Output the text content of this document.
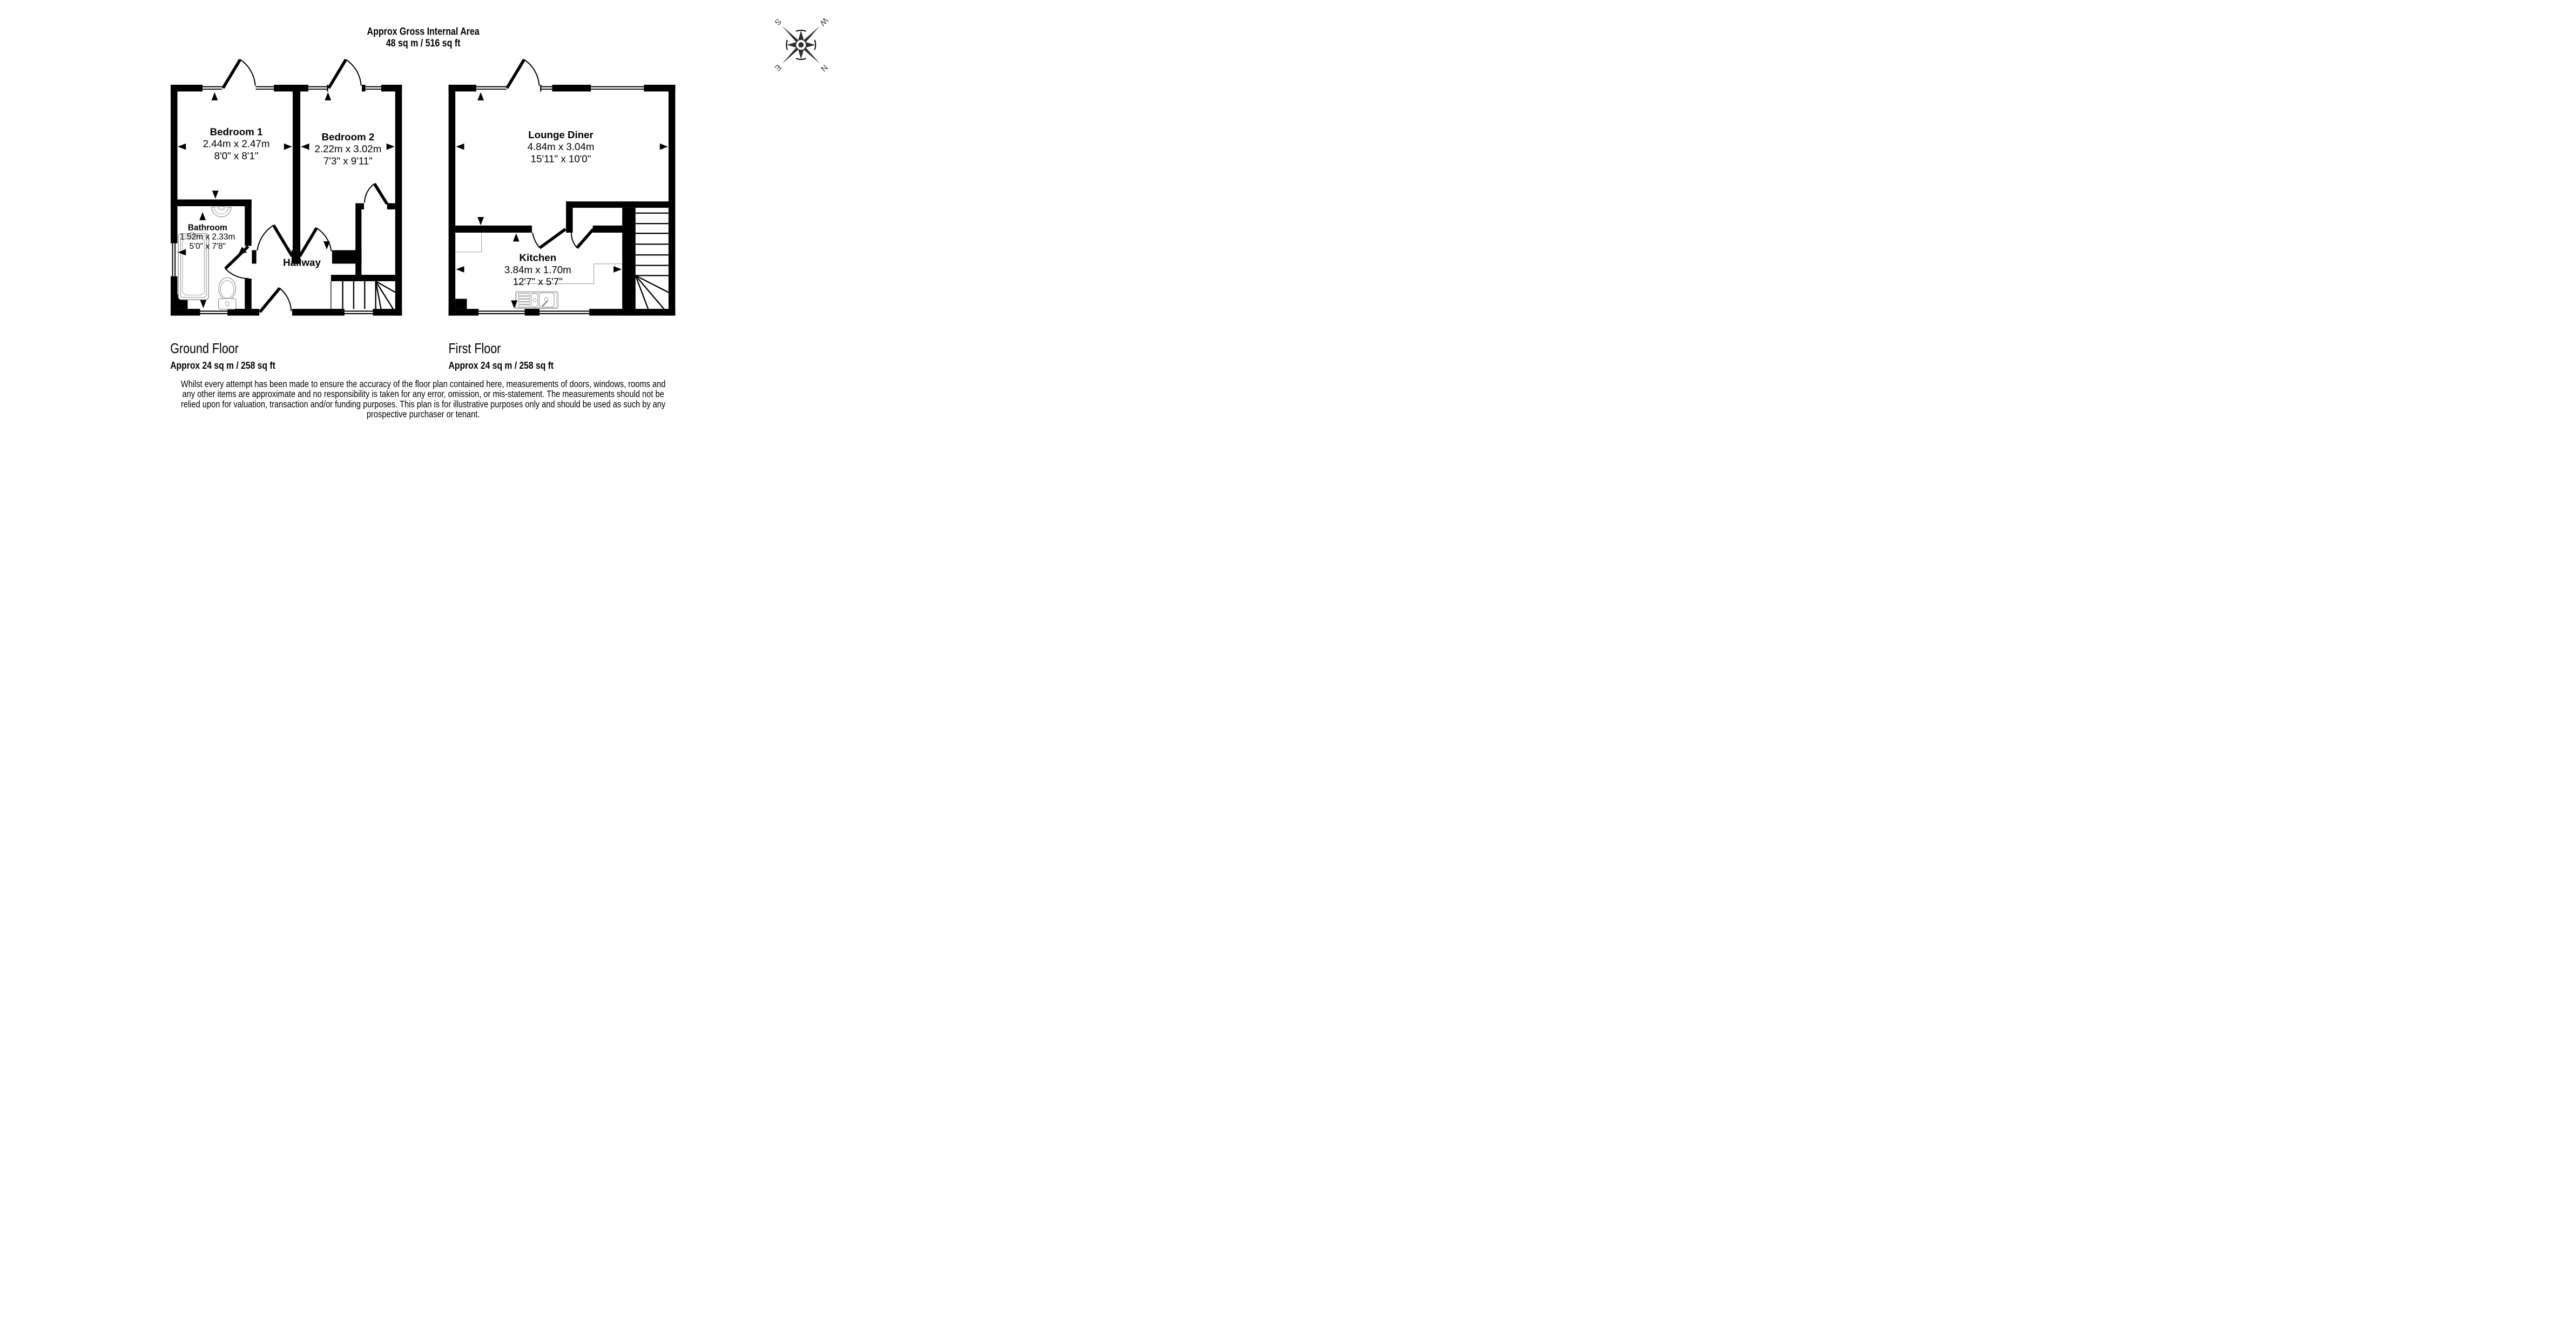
Bedroom 1
2.44m x 2.47m
8'0" x 8'1"
Bedroom 2
2.22m x 3.02m
7'3" x 9'11"
Bathroom
1.52m x 2.33m
5'0" x 7'8"
Hallway
Lounge Diner
4.84m x 3.04m
15'11" x 10'0"
Kitchen
3.84m x 1.70m
12'7" x 5'7"
N
E
S W
Approx Gross Internal Area
48 sq m / 516 sq ft
Ground Floor
Approx 24 sq m / 258 sq ft
First Floor
Approx 24 sq m / 258 sq ft
Whilst every attempt has been made to ensure the accuracy of the floor plan contained here, measurements of doors, windows, rooms and
any other items are approximate and no responsibility is taken for any error, omission, or mis-statement. The measurements should not be
relied upon for valuation, transaction and/or funding purposes. This plan is for illustrative purposes only and should be used as such by any
prospective purchaser or tenant.
